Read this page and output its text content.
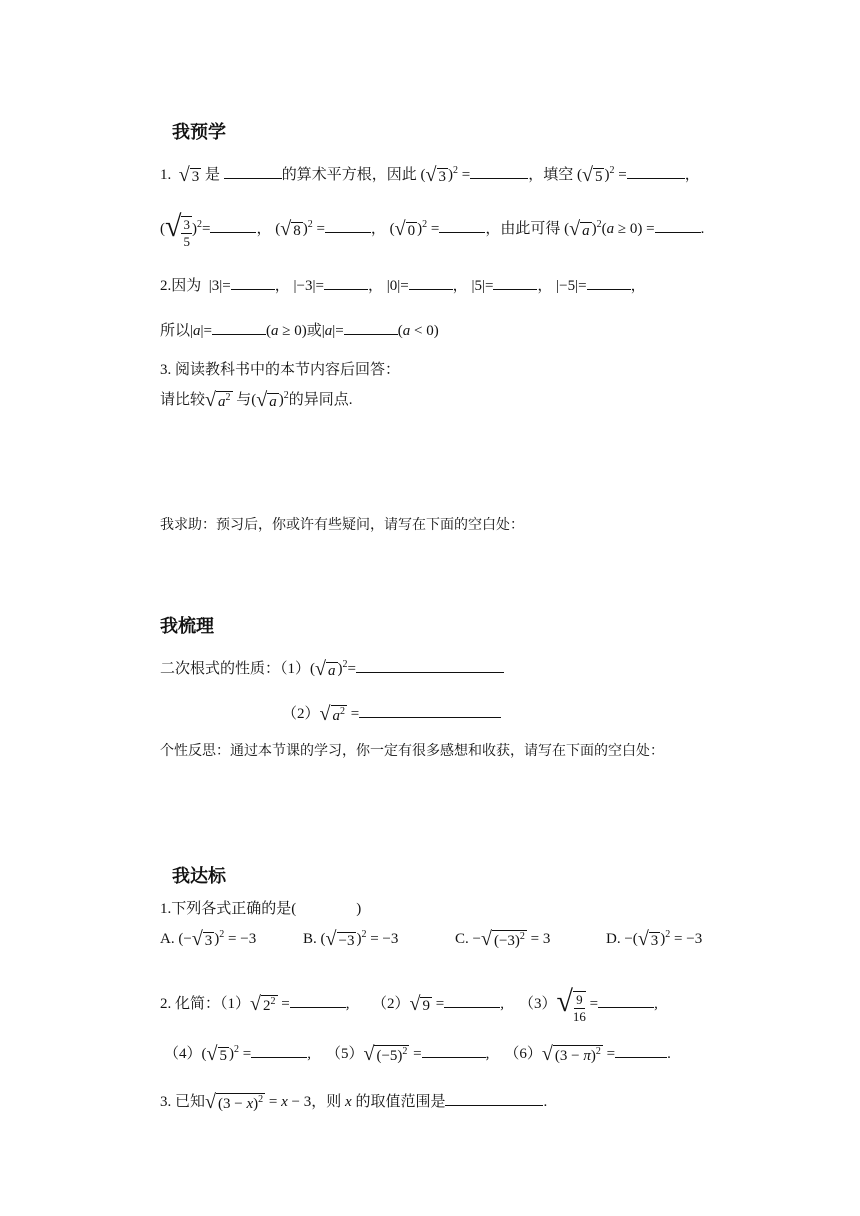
我预学
1. √ 3 是	的算术平方根，因此 (√ 3 )$^2$ =	，填空 (√ 5 )$^2$ =	，
(√ $\frac{3}{5} )^2=$	， (√ 8 )$^2$ =	， (√ 0 )$^2$ =	，由此可得 (√ a )$^2$(a ≥ 0) =	.
2.因为  |3|=	， |−3|=	， |0|=	， |5|=	， |−5|=	，
所以|a|=	(a ≥ 0)或|a|=	(a < 0)
3. 阅读教科书中的本节内容后回答：
请比较√ $a^2$ 与(√ a )$^2$的异同点.
我求助：预习后，你或许有些疑问，请写在下面的空白处：
我梳理
二次根式的性质：（1）(√ a )$^2$=
（2）√ $a^2$ =
个性反思：通过本节课的学习，你一定有很多感想和收获，请写在下面的空白处：
我达标
1.下列各式正确的是(　　　　)
A. (−√ 3 )$^2$ = −3	B. (√ −3 )$^2$ = −3	C. −√ $(-3)^2 = 3$	D. −(√ 3 )$^2$ = −3
2. 化简：（1）√ $2^2$ =	,      （2）√ 9 =	,    $(3)√ \frac{9}{16}$ =	,
（4）(√ 5 )$^2$ =	,    （5）√ $(-5)^2$ =	,    （6）√ $(3 - \pi)^2$ =	.
3. 已知√ $(3 - x)^2 = x - 3$，则 x 的取值范围是	.
